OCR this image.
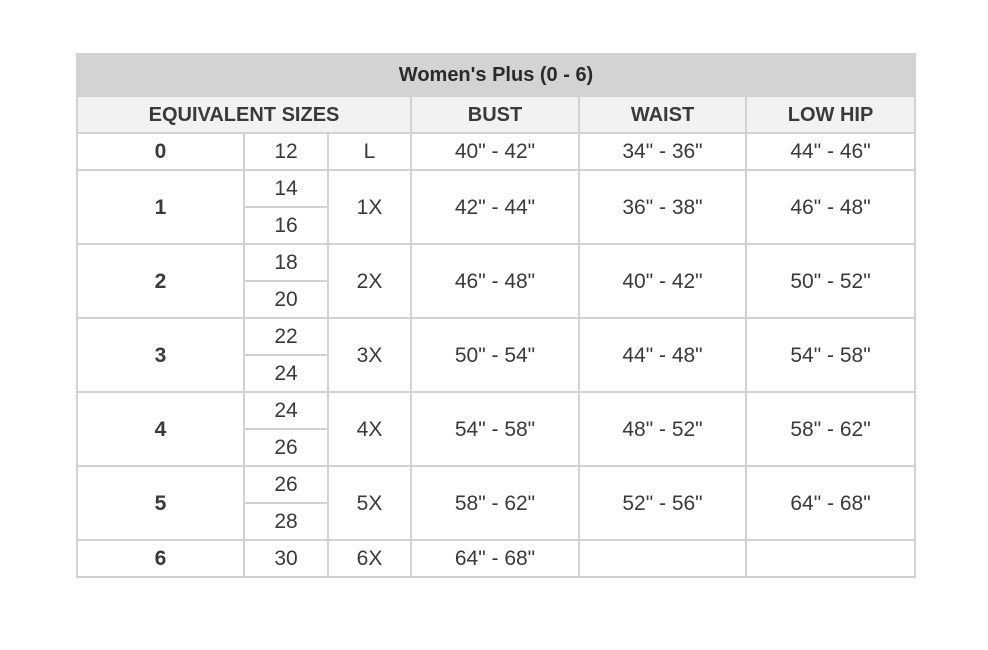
Women's Plus (0 - 6)					
EQUIVALENT SIZES			BUST	WAIST	LOW HIP
0	12	L	40" - 42"	34" - 36"	44" - 46"
1	14	1X	42" - 44"	36" - 38"	46" - 48"
	16				
2	18	2X	46" - 48"	40" - 42"	50" - 52"
	20				
3	22	3X	50" - 54"	44" - 48"	54" - 58"
	24				
4	24	4X	54" - 58"	48" - 52"	58" - 62"
	26				
5	26	5X	58" - 62"	52" - 56"	64" - 68"
	28				
6	30	6X	64" - 68"		
